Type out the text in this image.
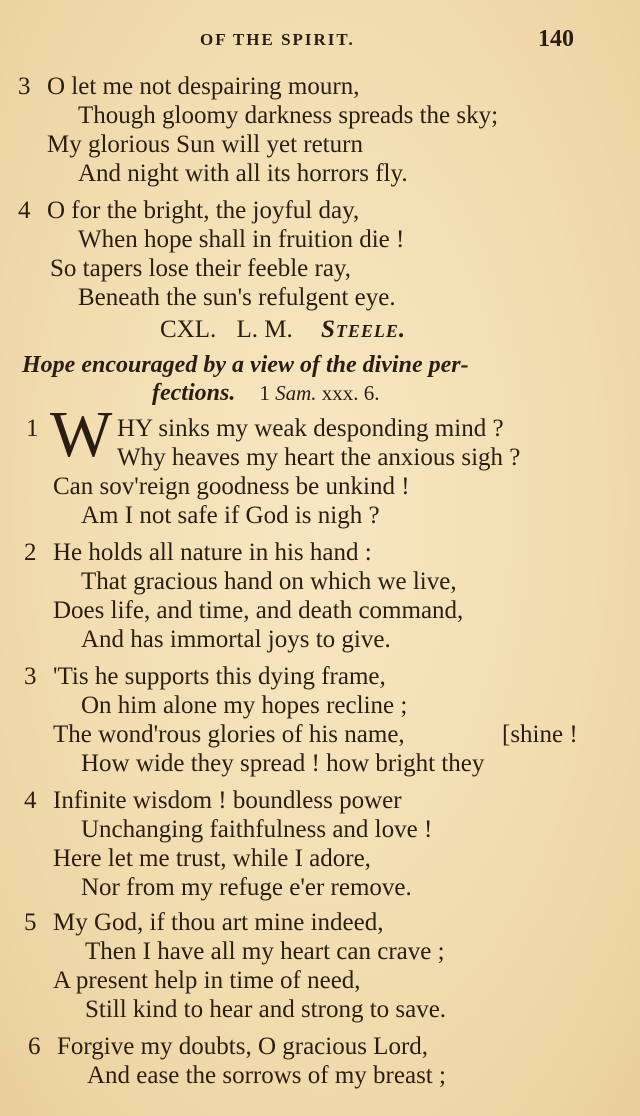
OF THE SPIRIT.	140
3 O let me not despairing mourn,
Though gloomy darkness spreads the sky;
My glorious Sun will yet return
And night with all its horrors fly.
4 O for the bright, the joyful day,
When hope shall in fruition die !
So tapers lose their feeble ray,
Beneath the sun's refulgent eye.
CXL. L. M. Steele.
Hope encouraged by a view of the divine per-
fections. 1 Sam. xxx. 6.
1 W HY sinks my weak desponding mind ?
Why heaves my heart the anxious sigh ?
Can sov'reign goodness be unkind !
Am I not safe if God is nigh ?
2 He holds all nature in his hand :
That gracious hand on which we live,
Does life, and time, and death command,
And has immortal joys to give.
3 'Tis he supports this dying frame,
On him alone my hopes recline ;
The wond'rous glories of his name,	[shine !
How wide they spread ! how bright they
4 Infinite wisdom ! boundless power
Unchanging faithfulness and love !
Here let me trust, while I adore,
Nor from my refuge e'er remove.
5 My God, if thou art mine indeed,
Then I have all my heart can crave ;
A present help in time of need,
Still kind to hear and strong to save.
6 Forgive my doubts, O gracious Lord,
And ease the sorrows of my breast ;
